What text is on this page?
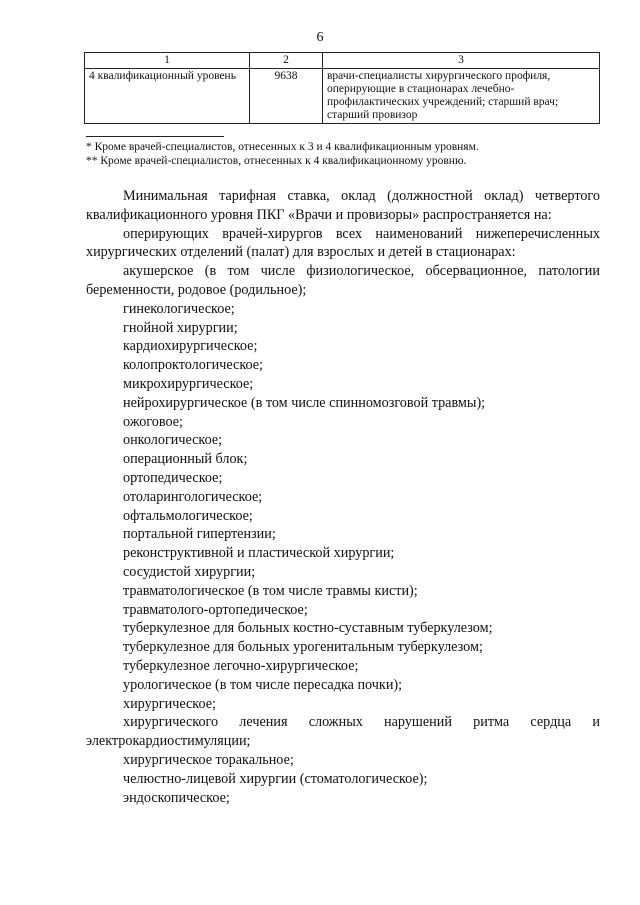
6
1	2	3
4 квалификационный уровень	9638	врачи-специалисты хирургического профиля, оперирующие в стационарах лечебно-профилактических учреждений; старший врач; старший провизор
* Кроме врачей-специалистов, отнесенных к 3 и 4 квалификационным уровням.
** Кроме врачей-специалистов, отнесенных к 4 квалификационному уровню.

Минимальная тарифная ставка, оклад (должностной оклад) четвертого квалификационного уровня ПКГ «Врачи и провизоры» распространяется на:

оперирующих врачей-хирургов всех наименований нижеперечисленных хирургических отделений (палат) для взрослых и детей в стационарах:

акушерское (в том числе физиологическое, обсервационное, патологии беременности, родовое (родильное);
гинекологическое;
гнойной хирургии;
кардиохирургическое;
колопроктологическое;
микрохирургическое;
нейрохирургическое (в том числе спинномозговой травмы);
ожоговое;
онкологическое;
операционный блок;
ортопедическое;
отоларингологическое;
офтальмологическое;
портальной гипертензии;
реконструктивной и пластической хирургии;
сосудистой хирургии;
травматологическое (в том числе травмы кисти);
травматолого-ортопедическое;
туберкулезное для больных костно-суставным туберкулезом;
туберкулезное для больных урогенитальным туберкулезом;
туберкулезное легочно-хирургическое;
урологическое (в том числе пересадка почки);
хирургическое;
хирургического лечения сложных нарушений ритма сердца и электрокардиостимуляции;
хирургическое торакальное;
челюстно-лицевой хирургии (стоматологическое);
эндоскопическое;
